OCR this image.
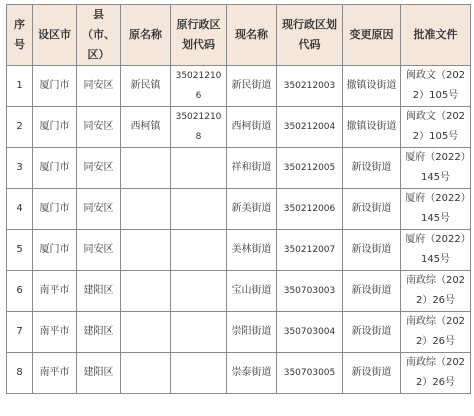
序号	设区市	县（市、区）	原名称	原行政区划代码	现名称	现行政区划代码	变更原因	批准文件
1	厦门市	同安区	新民镇	350212106	新民街道	350212003	撤镇设街道	闽政文（2022）105号
2	厦门市	同安区	西柯镇	350212108	西柯街道	350212004	撤镇设街道	闽政文（2022）105号
3	厦门市	同安区			祥和街道	350212005	新设街道	厦府（2022）145号
4	厦门市	同安区			新美街道	350212006	新设街道	厦府（2022）145号
5	厦门市	同安区			美林街道	350212007	新设街道	厦府（2022）145号
6	南平市	建阳区			宝山街道	350703003	新设街道	南政综（2022）26号
7	南平市	建阳区			崇阳街道	350703004	新设街道	南政综（2022）26号
8	南平市	建阳区			崇泰街道	350703005	新设街道	南政综（2022）26号
